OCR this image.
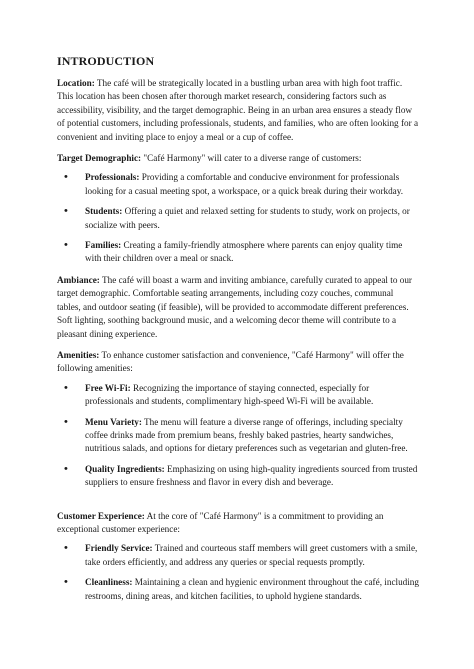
INTRODUCTION

Location: The café will be strategically located in a bustling urban area with high foot traffic. This location has been chosen after thorough market research, considering factors such as accessibility, visibility, and the target demographic. Being in an urban area ensures a steady flow of potential customers, including professionals, students, and families, who are often looking for a convenient and inviting place to enjoy a meal or a cup of coffee.

Target Demographic: "Café Harmony" will cater to a diverse range of customers:

• Professionals: Providing a comfortable and conducive environment for professionals looking for a casual meeting spot, a workspace, or a quick break during their workday.
• Students: Offering a quiet and relaxed setting for students to study, work on projects, or socialize with peers.
• Families: Creating a family-friendly atmosphere where parents can enjoy quality time with their children over a meal or snack.

Ambiance: The café will boast a warm and inviting ambiance, carefully curated to appeal to our target demographic. Comfortable seating arrangements, including cozy couches, communal tables, and outdoor seating (if feasible), will be provided to accommodate different preferences. Soft lighting, soothing background music, and a welcoming decor theme will contribute to a pleasant dining experience.

Amenities: To enhance customer satisfaction and convenience, "Café Harmony" will offer the following amenities:

• Free Wi-Fi: Recognizing the importance of staying connected, especially for professionals and students, complimentary high-speed Wi-Fi will be available.
• Menu Variety: The menu will feature a diverse range of offerings, including specialty coffee drinks made from premium beans, freshly baked pastries, hearty sandwiches, nutritious salads, and options for dietary preferences such as vegetarian and gluten-free.
• Quality Ingredients: Emphasizing on using high-quality ingredients sourced from trusted suppliers to ensure freshness and flavor in every dish and beverage.

Customer Experience: At the core of "Café Harmony" is a commitment to providing an exceptional customer experience:

• Friendly Service: Trained and courteous staff members will greet customers with a smile, take orders efficiently, and address any queries or special requests promptly.
• Cleanliness: Maintaining a clean and hygienic environment throughout the café, including restrooms, dining areas, and kitchen facilities, to uphold hygiene standards.
